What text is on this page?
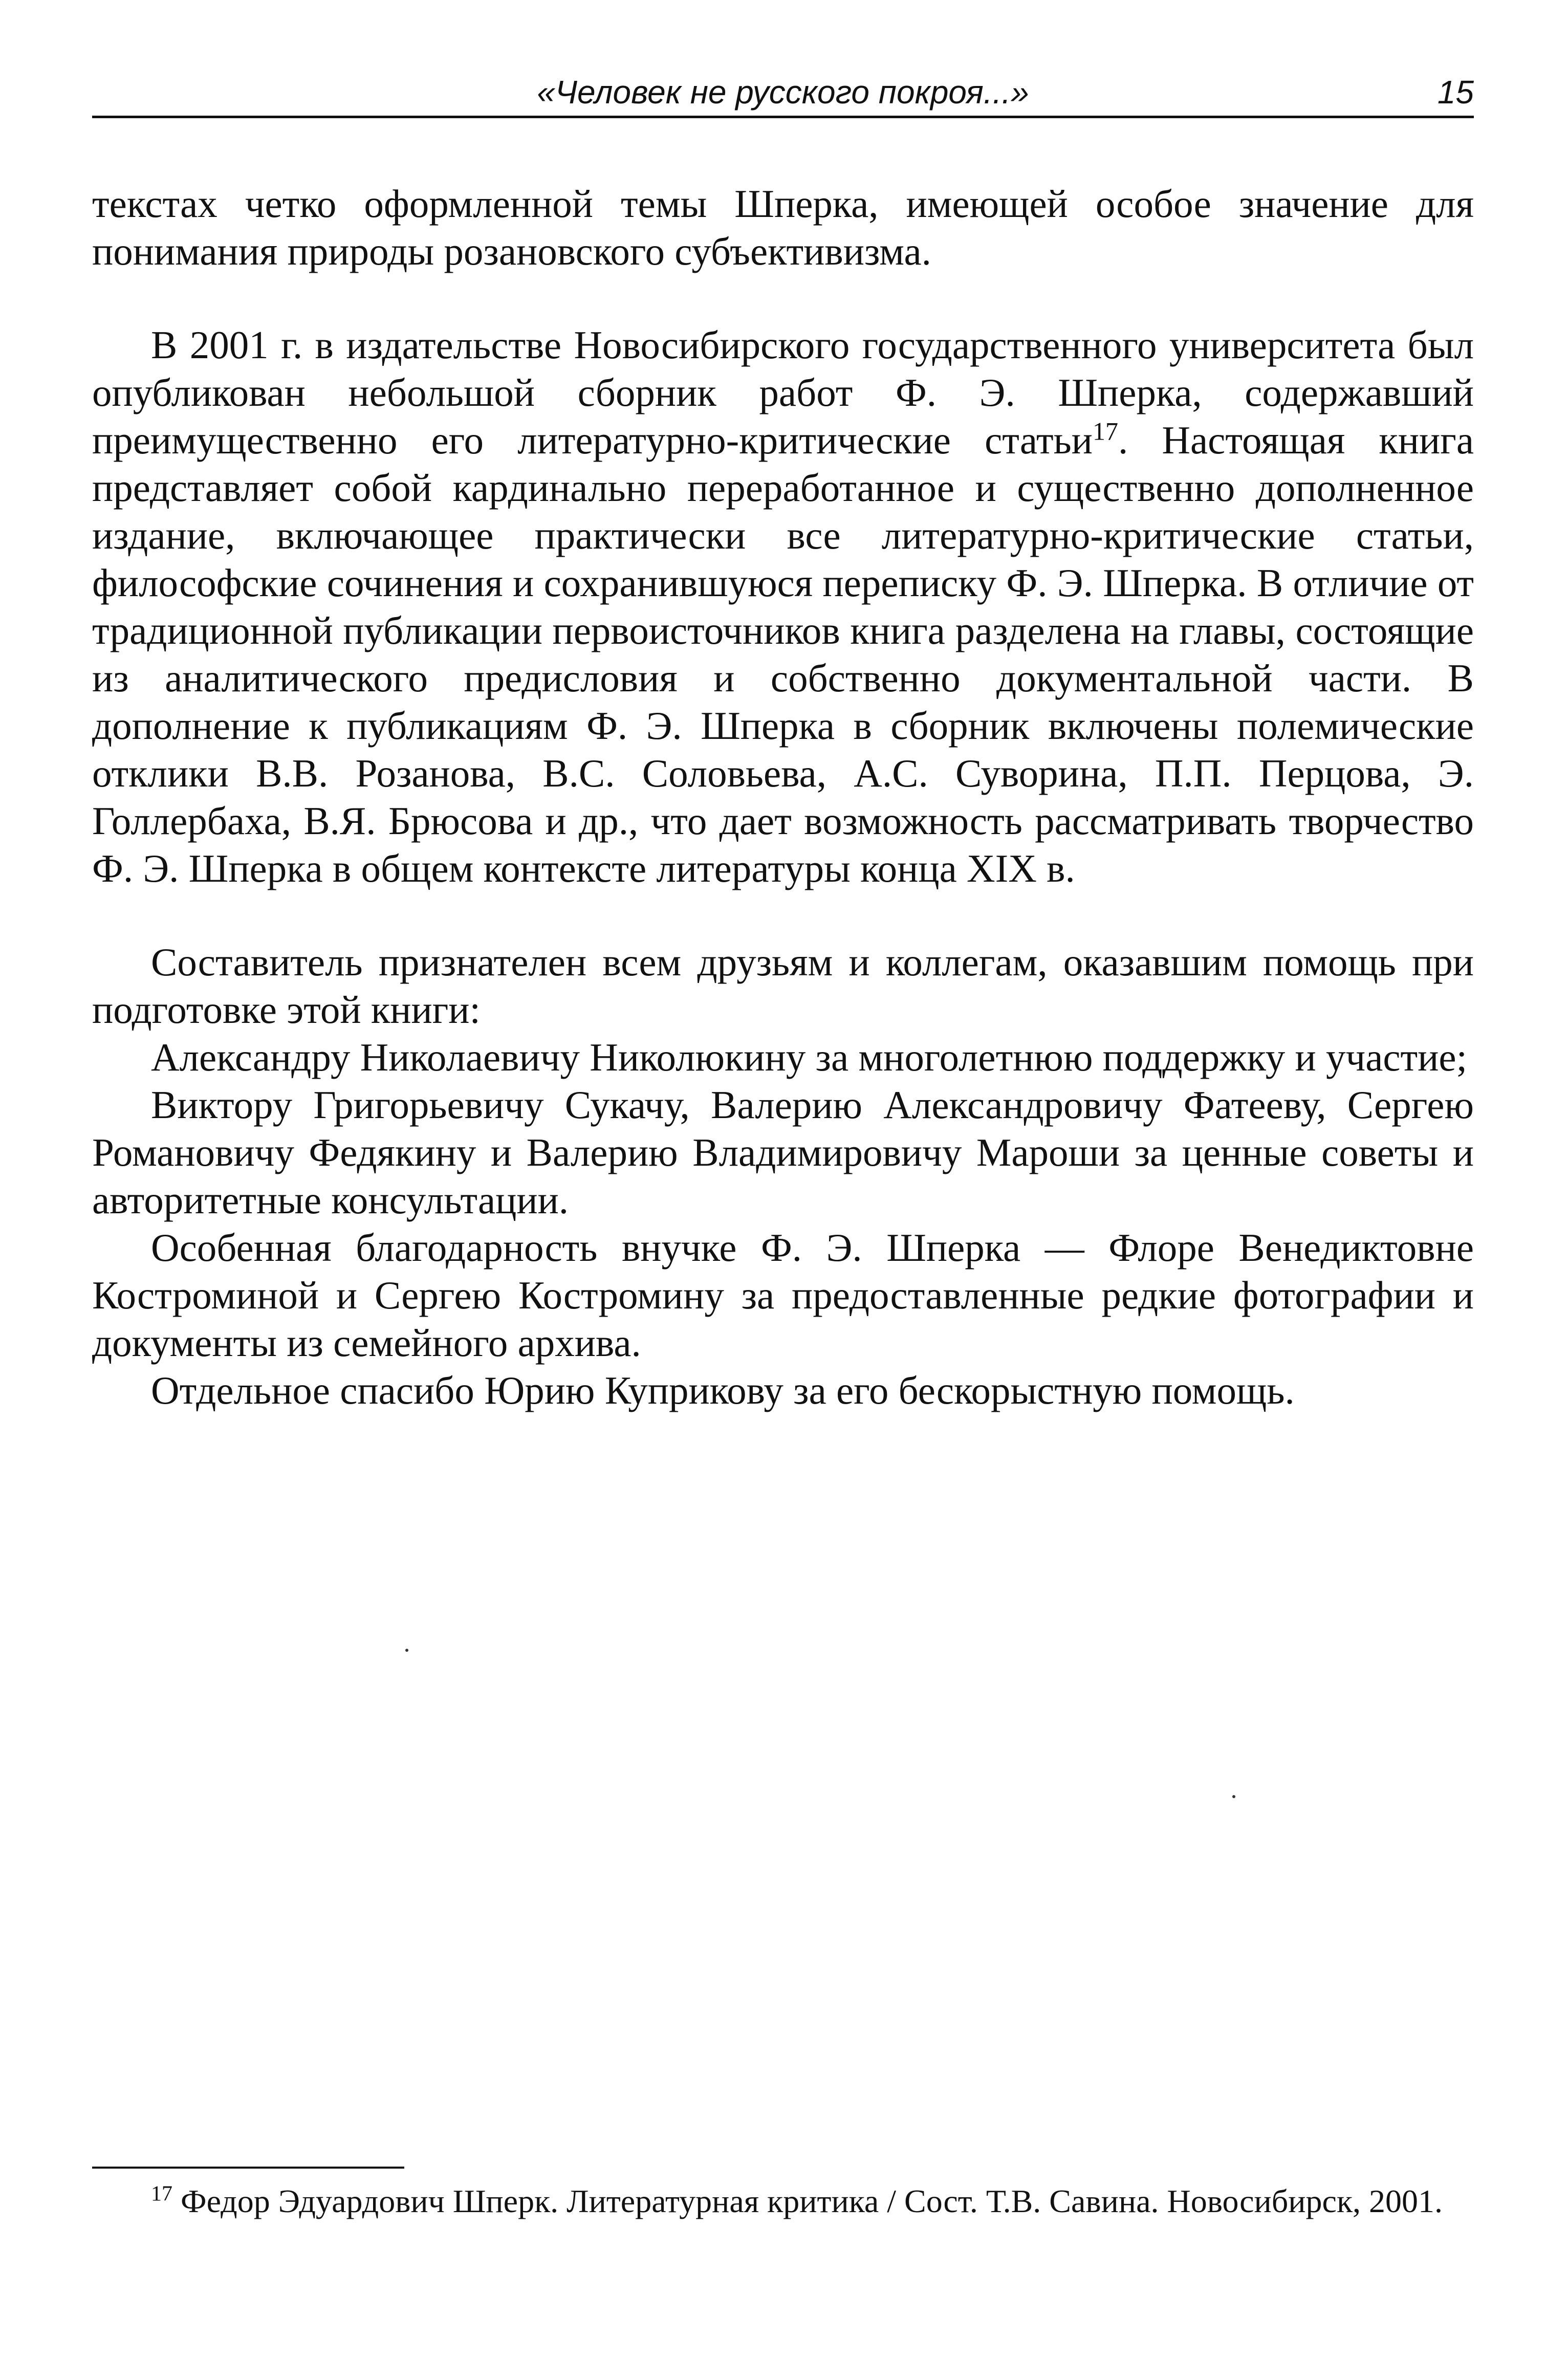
«Человек не русского покроя...»	15

текстах четко оформленной темы Шперка, имеющей особое значение для понимания природы розановского субъективизма.

В 2001 г. в издательстве Новосибирского государственного университета был опубликован небольшой сборник работ Ф. Э. Шперка, содержавший преимущественно его литературно-критические статьи$^{17}$. Настоящая книга представляет собой кардинально переработанное и существенно дополненное издание, включающее практически все литературно-критические статьи, философские сочинения и сохранившуюся переписку Ф. Э. Шперка. В отличие от традиционной публикации первоисточников книга разделена на главы, состоящие из аналитического предисловия и собственно документальной части. В дополнение к публикациям Ф. Э. Шперка в сборник включены полемические отклики В.В. Розанова, В.С. Соловьева, А.С. Суворина, П.П. Перцова, Э. Голлербаха, В.Я. Брюсова и др., что дает возможность рассматривать творчество Ф. Э. Шперка в общем контексте литературы конца XIX в.

Составитель признателен всем друзьям и коллегам, оказавшим помощь при подготовке этой книги:

Александру Николаевичу Николюкину за многолетнюю поддержку и участие;

Виктору Григорьевичу Сукачу, Валерию Александровичу Фатееву, Сергею Романовичу Федякину и Валерию Владимировичу Мароши за ценные советы и авторитетные консультации.

Особенная благодарность внучке Ф. Э. Шперка — Флоре Венедиктовне Костроминой и Сергею Костромину за предоставленные редкие фотографии и документы из семейного архива.

Отдельное спасибо Юрию Куприкову за его бескорыстную помощь.

$^{17}$ Федор Эдуардович Шперк. Литературная критика / Сост. Т.В. Савина. Новосибирск, 2001.
